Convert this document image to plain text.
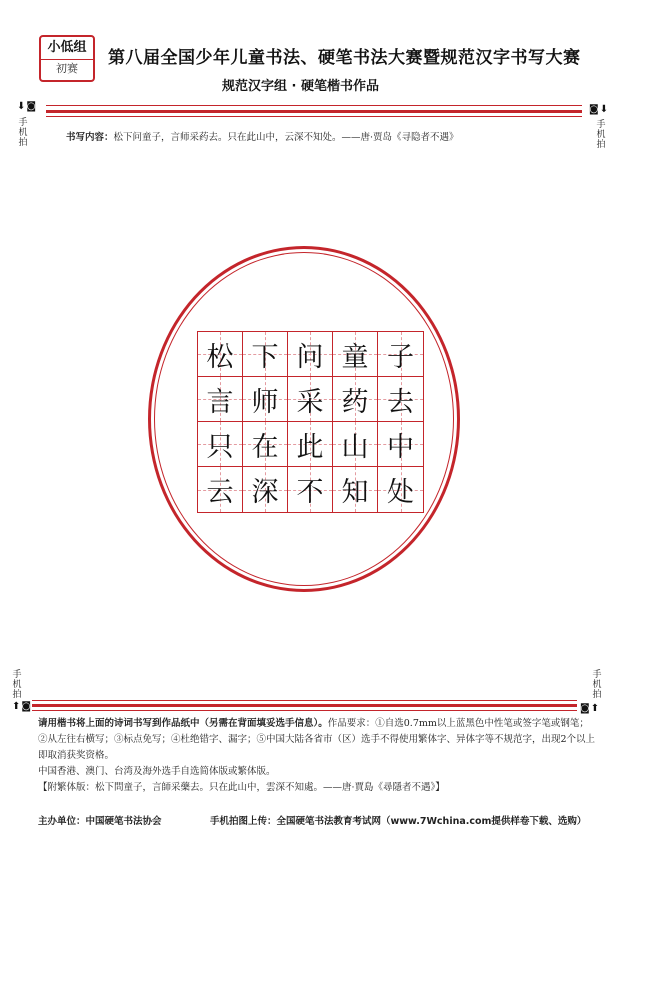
小低组
初赛
第八届全国少年儿童书法、硬笔书法大赛暨规范汉字书写大赛
规范汉字组 · 硬笔楷书作品
⬇◙
手机拍
◙⬇
手机拍
书写内容：松下问童子，言师采药去。只在此山中，云深不知处。——唐·贾岛《寻隐者不遇》
松 下 问 童 子
言 师 采 药 去
只 在 此 山 中
云 深 不 知 处
手机拍
⬆◙
手机拍
◙⬆
请用楷书将上面的诗词书写到作品纸中（另需在背面填妥选手信息）。作品要求：①自选0.7mm以上蓝黑色中性笔或签字笔或钢笔；②从左往右横写；③标点免写；④杜绝错字、漏字；⑤中国大陆各省市（区）选手不得使用繁体字、异体字等不规范字，出现2个以上即取消获奖资格。
中国香港、澳门、台湾及海外选手自选简体版或繁体版。
【附繁体版：松下問童子，言師采藥去。只在此山中，雲深不知處。——唐·賈島《尋隱者不遇》】
主办单位：中国硬笔书法协会	手机拍图上传：全国硬笔书法教育考试网（www.7Wchina.com提供样卷下载、选购）
